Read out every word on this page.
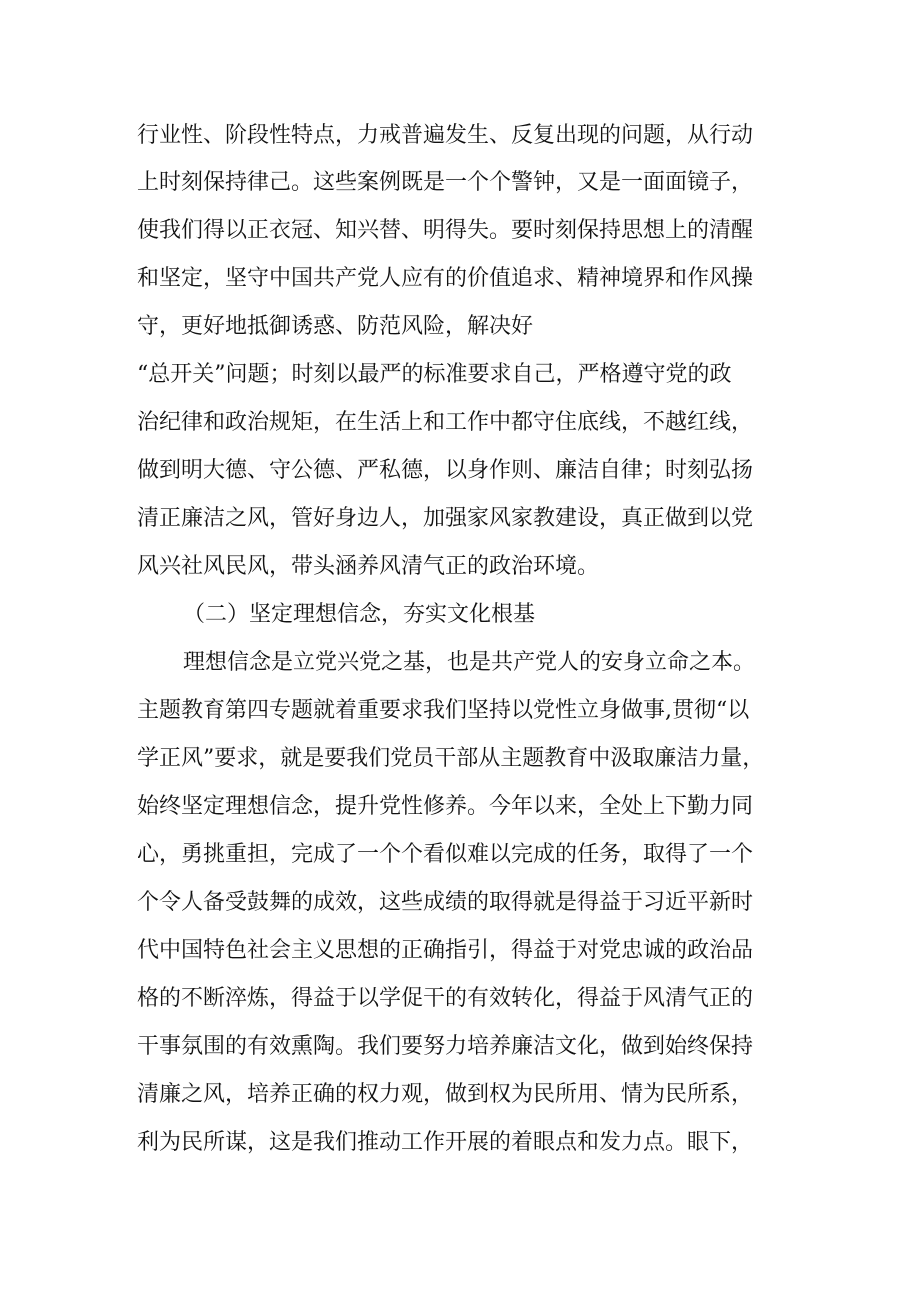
行业性、阶段性特点，力戒普遍发生、反复出现的问题，从行动
上时刻保持律己。这些案例既是一个个警钟，又是一面面镜子，
使我们得以正衣冠、知兴替、明得失。要时刻保持思想上的清醒
和坚定，坚守中国共产党人应有的价值追求、精神境界和作风操
守，更好地抵御诱惑、防范风险，解决好
“总开关”问题；时刻以最严的标准要求自己，严格遵守党的政
治纪律和政治规矩，在生活上和工作中都守住底线，不越红线，
做到明大德、守公德、严私德，以身作则、廉洁自律；时刻弘扬
清正廉洁之风，管好身边人，加强家风家教建设，真正做到以党
风兴社风民风，带头涵养风清气正的政治环境。
（二）坚定理想信念，夯实文化根基
理想信念是立党兴党之基，也是共产党人的安身立命之本。
主题教育第四专题就着重要求我们坚持以党性立身做事,贯彻“以
学正风”要求，就是要我们党员干部从主题教育中汲取廉洁力量，
始终坚定理想信念，提升党性修养。今年以来，全处上下勤力同
心，勇挑重担，完成了一个个看似难以完成的任务，取得了一个
个令人备受鼓舞的成效，这些成绩的取得就是得益于习近平新时
代中国特色社会主义思想的正确指引，得益于对党忠诚的政治品
格的不断淬炼，得益于以学促干的有效转化，得益于风清气正的
干事氛围的有效熏陶。我们要努力培养廉洁文化，做到始终保持
清廉之风，培养正确的权力观，做到权为民所用、情为民所系，
利为民所谋，这是我们推动工作开展的着眼点和发力点。眼下，
